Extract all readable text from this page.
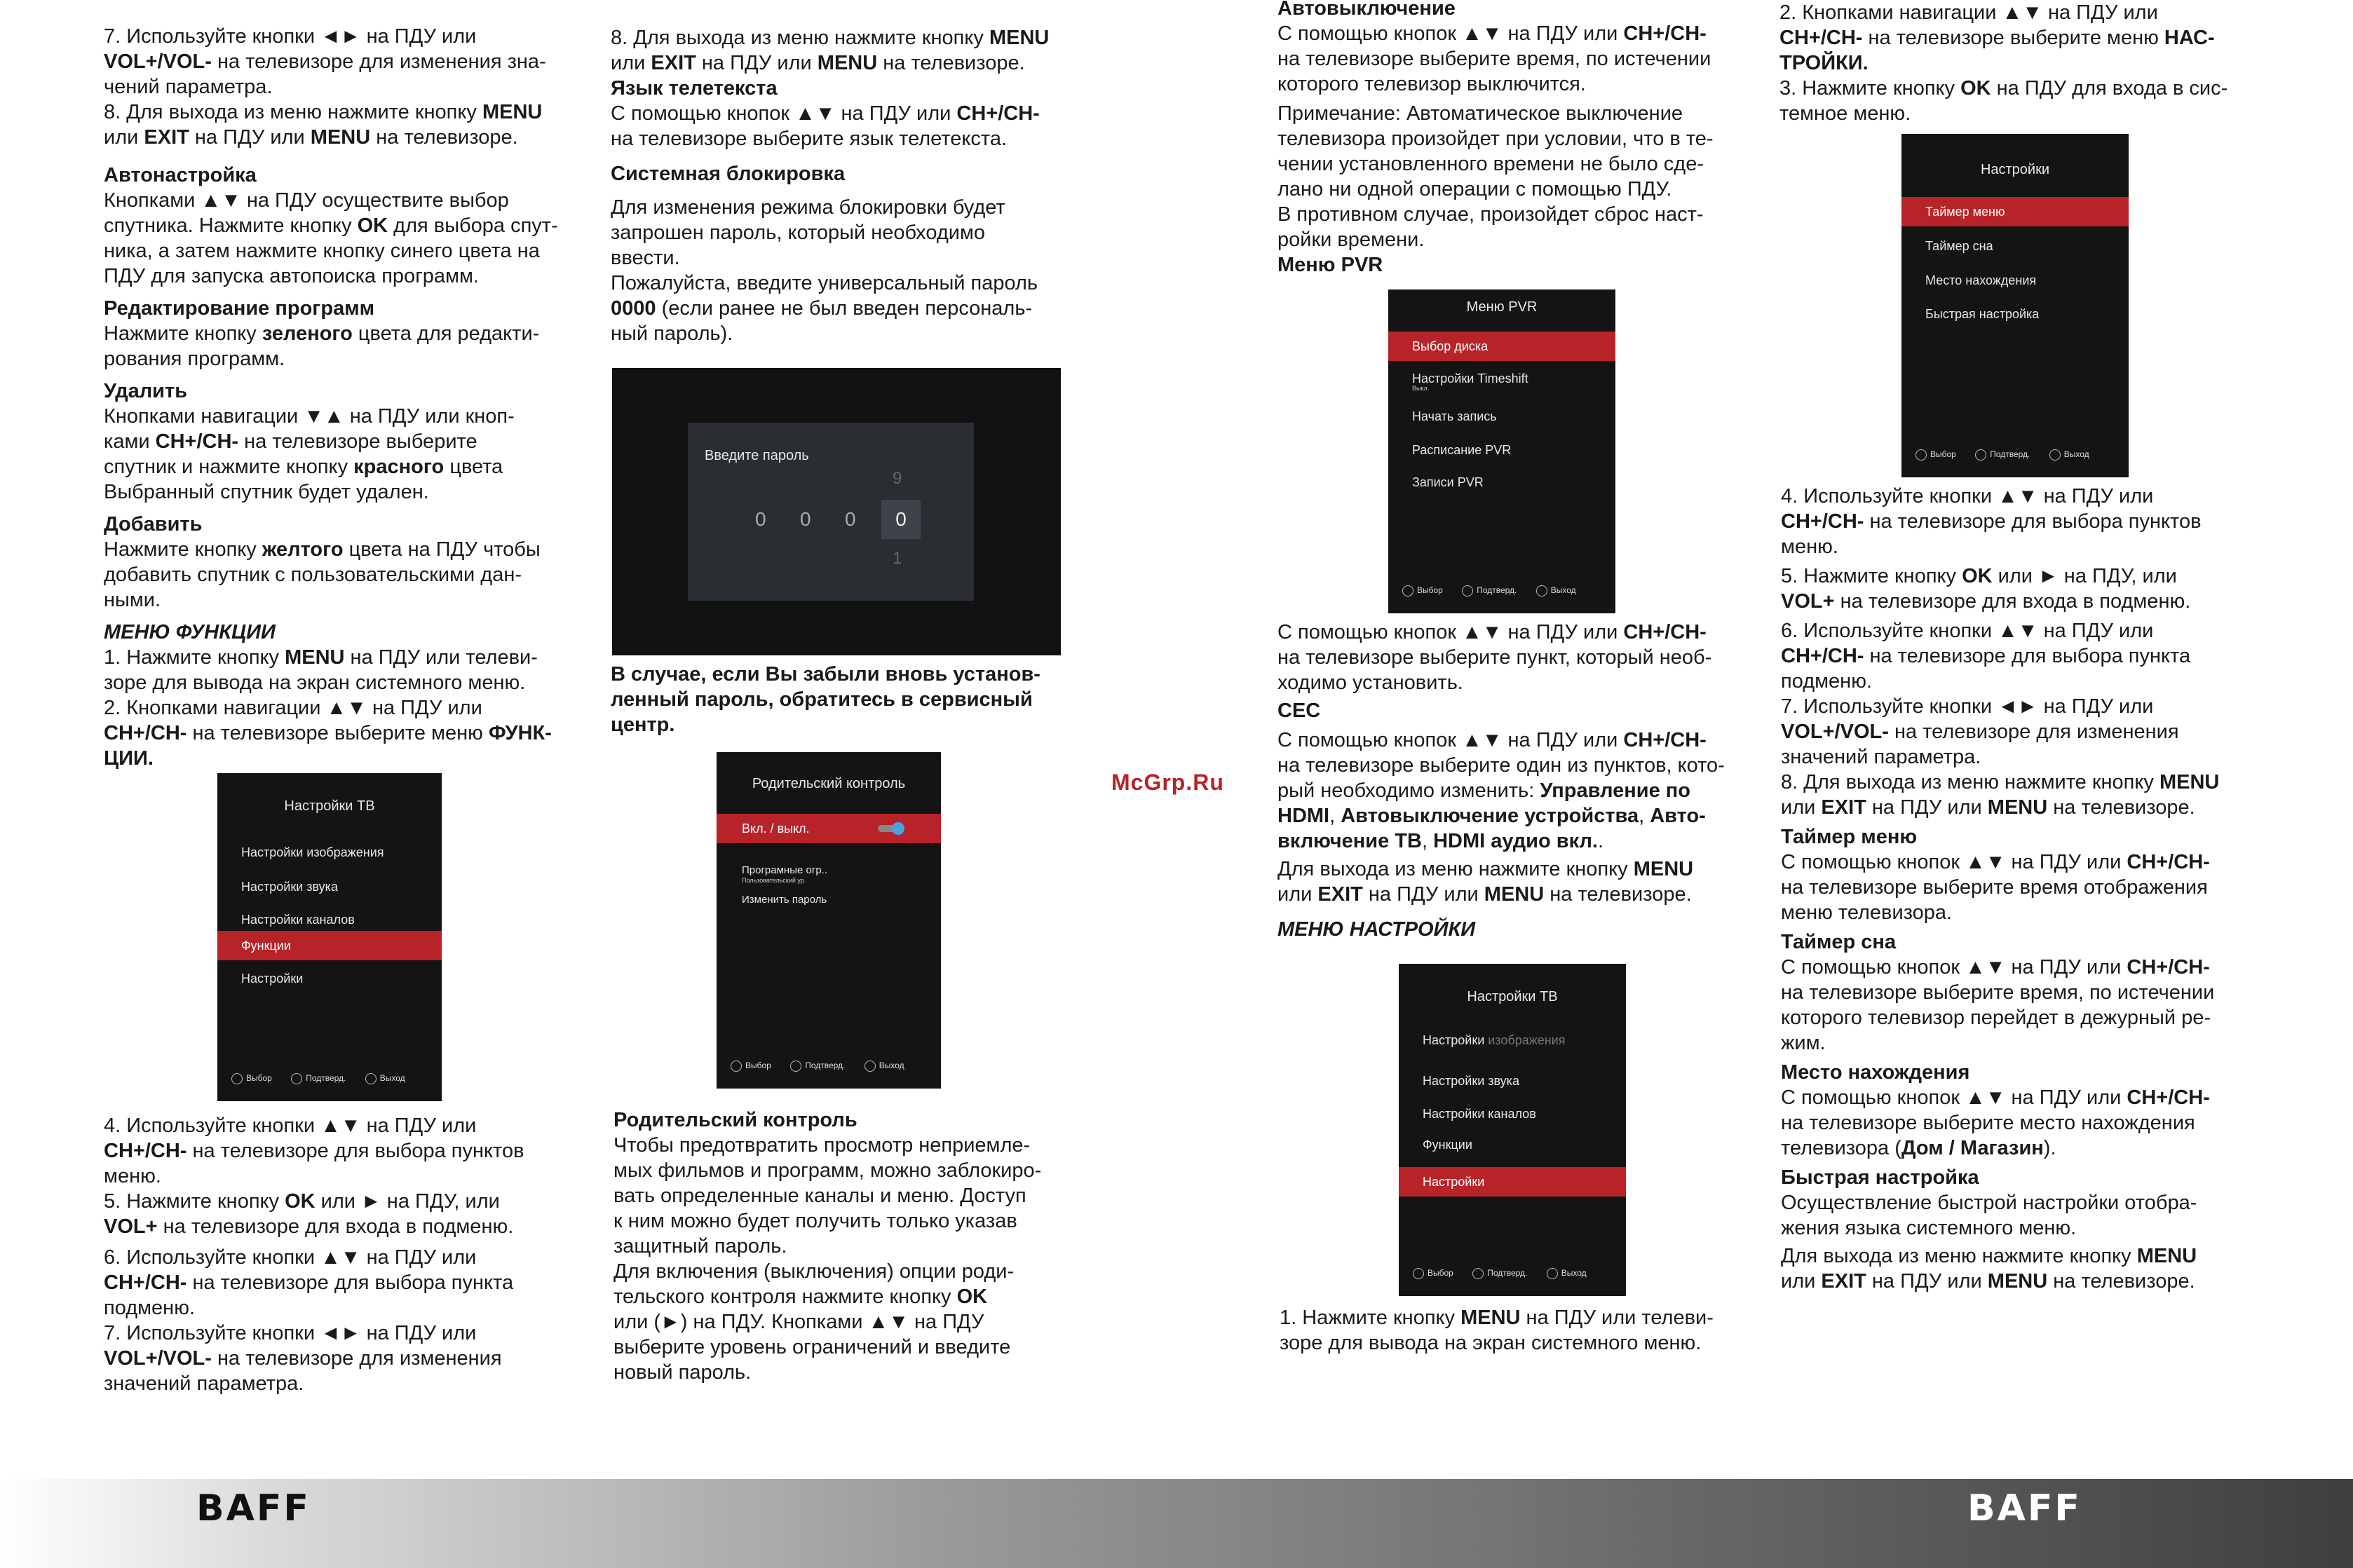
7. Используйте кнопки ◄► на ПДУ или
VOL+/VOL- на телевизоре для изменения зна-
чений параметра.

8. Для выхода из меню нажмите кнопку MENU
или EXIT на ПДУ или MENU на телевизоре.

Автонастройка

Кнопками ▲▼ на ПДУ осуществите выбор
спутника. Нажмите кнопку OK для выбора спут-
ника, а затем нажмите кнопку синего цвета на
ПДУ для запуска автопоиска программ.

Редактирование программ

Нажмите кнопку зеленого цвета для редакти-
рования программ.

Удалить

Кнопками навигации ▼▲ на ПДУ или кноп-
ками CH+/CH- на телевизоре выберите
спутник и нажмите кнопку красного цвета
Выбранный спутник будет удален.

Добавить

Нажмите кнопку желтого цвета на ПДУ чтобы
добавить спутник с пользовательскими дан-
ными.

МЕНЮ ФУНКЦИИ

1. Нажмите кнопку MENU на ПДУ или телеви-
зоре для вывода на экран системного меню.

2. Кнопками навигации ▲▼ на ПДУ или
CH+/CH- на телевизоре выберите меню ФУНК-
ЦИИ.

4. Используйте кнопки ▲▼ на ПДУ или
CH+/CH- на телевизоре для выбора пунктов
меню.

5. Нажмите кнопку OK или ► на ПДУ, или
VOL+ на телевизоре для входа в подменю.

6. Используйте кнопки ▲▼ на ПДУ или
CH+/CH- на телевизоре для выбора пункта
подменю.

7. Используйте кнопки ◄► на ПДУ или
VOL+/VOL- на телевизоре для изменения
значений параметра.

Настройки ТВ
Настройки изображения
Настройки звука
Настройки каналов
Функции
Настройки
Выбор	Подтверд.	Выход

8. Для выхода из меню нажмите кнопку MENU
или EXIT на ПДУ или MENU на телевизоре.

Язык телетекста

С помощью кнопок ▲▼ на ПДУ или CH+/CH-
на телевизоре выберите язык телетекста.

Системная блокировка

Для изменения режима блокировки будет
запрошен пароль, который необходимо
ввести.
Пожалуйста, введите универсальный пароль
0000 (если ранее не был введен персональ-
ный пароль).

Введите пароль
9
0 0 0	0
1

В случае, если Вы забыли вновь установ-
ленный пароль, обратитесь в сервисный
центр.

Родительский контроль
Вкл. / выкл.
Програмные огр..
Пользовательский ур.
Изменить пароль
Выбор	Подтверд.	Выход

Родительский контроль

Чтобы предотвратить просмотр неприемле-
мых фильмов и программ, можно заблокиро-
вать определенные каналы и меню. Доступ
к ним можно будет получить только указав
защитный пароль.
Для включения (выключения) опции роди-
тельского контроля нажмите кнопку OK
или (►) на ПДУ. Кнопками ▲▼ на ПДУ
выберите уровень ограничений и введите
новый пароль.

McGrp.Ru

Автовыключение

С помощью кнопок ▲▼ на ПДУ или CH+/CH-
на телевизоре выберите время, по истечении
которого телевизор выключится.

Примечание: Автоматическое выключение
телевизора произойдет при условии, что в те-
чении установленного времени не было сде-
лано ни одной операции с помощью ПДУ.
В противном случае, произойдет сброс наст-
ройки времени.

Меню PVR

Меню PVR
Выбор диска
Настройки Timeshift
Выкл.
Начать запись
Расписание PVR
Записи PVR
Выбор	Подтверд.	Выход

С помощью кнопок ▲▼ на ПДУ или CH+/CH-
на телевизоре выберите пункт, который необ-
ходимо установить.

CEC

С помощью кнопок ▲▼ на ПДУ или CH+/CH-
на телевизоре выберите один из пунктов, кото-
рый необходимо изменить: Управление по
HDMI, Автовыключение устройства, Авто-
включение ТВ, HDMI аудио вкл..

Для выхода из меню нажмите кнопку MENU
или EXIT на ПДУ или MENU на телевизоре.

МЕНЮ НАСТРОЙКИ

Настройки ТВ
Настройки изображения
Настройки звука
Настройки каналов
Функции
Настройки
Выбор	Подтверд.	Выход

1. Нажмите кнопку MENU на ПДУ или телеви-
зоре для вывода на экран системного меню.

2. Кнопками навигации ▲▼ на ПДУ или
CH+/CH- на телевизоре выберите меню НАС-
ТРОЙКИ.

3. Нажмите кнопку OK на ПДУ для входа в сис-
темное меню.

Настройки
Таймер меню
Таймер сна
Место нахождения
Быстрая настройка
Выбор	Подтверд.	Выход

4. Используйте кнопки ▲▼ на ПДУ или
CH+/CH- на телевизоре для выбора пунктов
меню.

5. Нажмите кнопку OK или ► на ПДУ, или
VOL+ на телевизоре для входа в подменю.

6. Используйте кнопки ▲▼ на ПДУ или
CH+/CH- на телевизоре для выбора пункта
подменю.

7. Используйте кнопки ◄► на ПДУ или
VOL+/VOL- на телевизоре для изменения
значений параметра.

8. Для выхода из меню нажмите кнопку MENU
или EXIT на ПДУ или MENU на телевизоре.

Таймер меню

С помощью кнопок ▲▼ на ПДУ или CH+/CH-
на телевизоре выберите время отображения
меню телевизора.

Таймер сна

С помощью кнопок ▲▼ на ПДУ или CH+/CH-
на телевизоре выберите время, по истечении
которого телевизор перейдет в дежурный ре-
жим.

Место нахождения

С помощью кнопок ▲▼ на ПДУ или CH+/CH-
на телевизоре выберите место нахождения
телевизора (Дом / Магазин).

Быстрая настройка

Осуществление быстрой настройки отобра-
жения языка системного меню.

Для выхода из меню нажмите кнопку MENU
или EXIT на ПДУ или MENU на телевизоре.

BAFF	BAFF
